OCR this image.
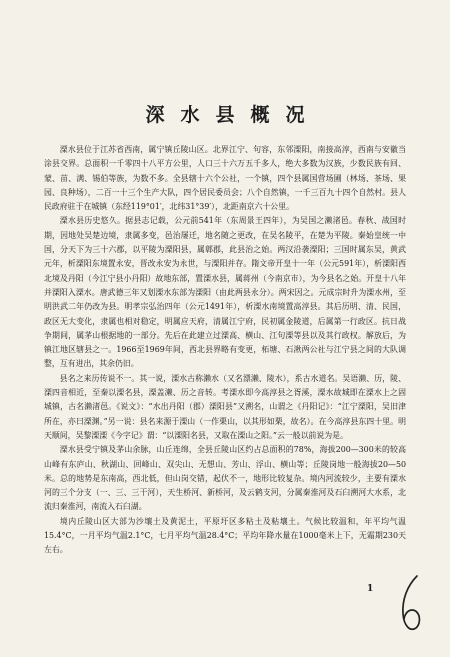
深水县概况

溧水县位于江苏省西南，属宁镇丘陵山区。北界江宁、句容，东邻溧阳，南接高淳，西南与安徽当涂县交界。总面积一千零四十八平方公里，人口三十六万五千多人，绝大多数为汉族，少数民族有回、蒙、苗、满、锡伯等族，为数不多。全县辖十六个公社，一个镇，四个县属国营场圃（林场、茶场、果园、良种场），二百一十三个生产大队，四个居民委员会；八个自然镇，一千三百九十四个自然村。县人民政府驻于在城镇（东经119°01′，北纬31°39′），北距南京六十公里。

溧水县历史悠久。据县志记载，公元前541年（东周景王四年），为吴国之濑渚邑。春秋、战国时期，因地处吴楚边境，隶属多变，邑治屡迁，地名随之更改，在吴名陵平，在楚为平陵。秦始皇统一中国，分天下为三十六郡，以平陵为溧阳县，属鄣郡，此县治之始。两汉沿袭溧阳；三国时属东吴，黄武元年，析溧阳东境置永安，晋改永安为永世，与溧阳并存。隋文帝开皇十一年（公元591年），析溧阳西北境及丹阳（今江宁县小丹阳）故地东部，置溧水县，属蒋州（今南京市），为今县名之始。开皇十八年并溧阳入溧水。唐武德三年又划溧水东部为溧阳（由此两县永分）。两宋因之。元成宗时升为溧水州，至明洪武二年仍改为县。明孝宗弘治四年（公元1491年），析溧水南境置高淳县。其后历明、清、民国，政区无大变化，隶属也相对稳定，明属应天府，清属江宁府，民初属金陵道，后属第一行政区。抗日战争期间，属茅山根据地的一部分。先后在此建立过溧高、横山、江句溧等县以及其行政权。解放后，为镇江地区辖县之一。1966至1969年间，西北县界略有变更，柘塘、石湫两公社与江宁县之间的大队调整，互有进出，其余仍旧。

县名之来历传说不一。其一说，溧水古称濑水（又名漂濑、陵水），系古水道名。吴语濑、历，陵、溧四音相近，至秦以溧名县，溧盖濑、历之音转。考溧水即今高淳县之胥溪，溧水故城即在溧水上之固城镇，古名濑渚邑。《说文》：“水出丹阳（郡）溧阳县”又溯名，山谓之《丹阳记》：“江宁溧阳，吴旧津所在，亦曰溧渊。”另一说：县名来源于溧山（一作栗山，以其形如栗，故名）。在今高淳县东四十里。明天顺间，吴黎溧溧《今字记》谓：“以溧阳名县，又取在溧山之阳。”云一般以前说为是。

溧水县受宁镇及茅山余脉，山丘连绵，全县丘陵山区约占总面积的78%，海拔200—300米的较高山峰有东庐山、秋湖山、回峰山、双尖山、无想山、芳山、浮山、横山等；丘陵岗地一般海拔20—50米。总的地势是东南高，西北低，但山岗交错，起伏不一，地形比较复杂。境内河流较少，主要有溧水河的三个分支（一、三、三干河），天生桥河、新桥河，及云鹤支河，分属秦淮河及石臼溯河大水系，北流归秦淮河，南流入石臼湖。

境内丘陵山区大部为沙壤土及黄泥土，平原圩区多粘土及粘壤土。气候比较温和，年平均气温15.4°C，一月平均气温2.1°C，七月平均气温28.4°C；平均年降水量在1000毫米上下，无霜期230天左右。

1
